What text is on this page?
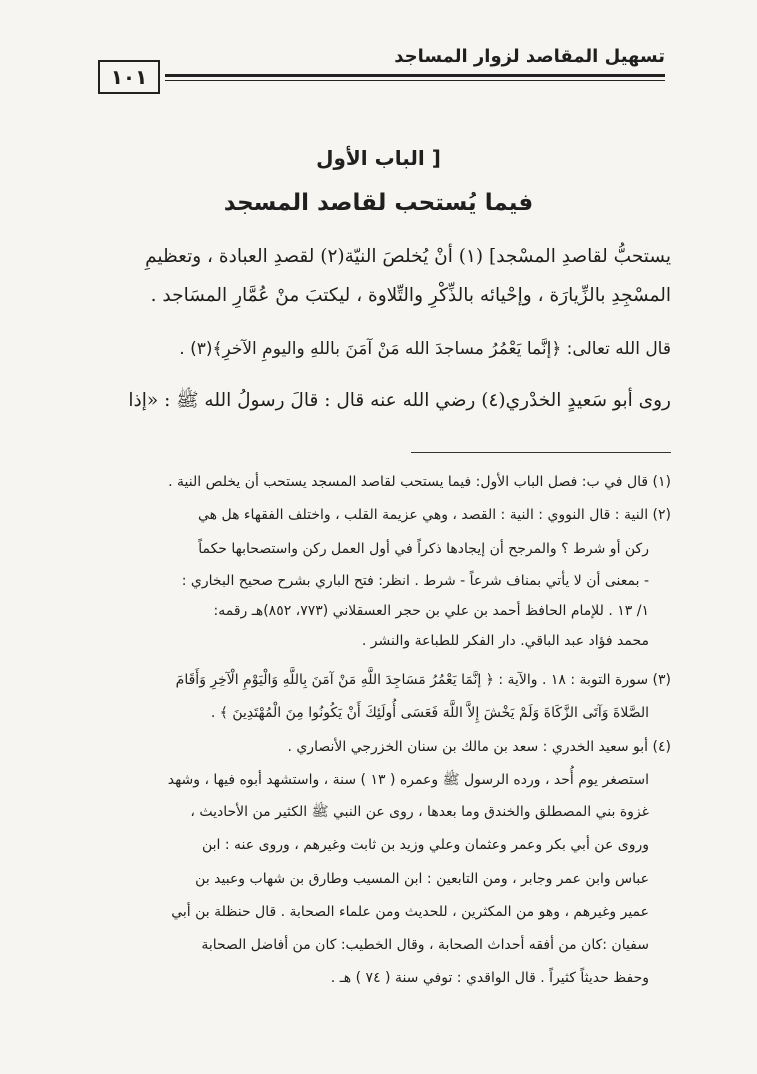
تسهيل المقاصد لزوار المساجد
١٠١
[ الباب الأول
فيما يُستحب لقاصد المسجد
يستحبُّ لقاصدِ المسْجد] (١) أنْ يُخلصَ النيّة(٢) لقصدِ العبادة ، وتعظيمِ
المسْجِدِ بالزِّيارَة ، وإحْيائه بالذِّكْرِ والتِّلاوة ، ليكتبَ منْ عُمَّارِ المسَاجد .
قال الله تعالى: ﴿إنَّما يَعْمُرُ مساجدَ الله مَنْ آمَنَ باللهِ واليومِ الآخرِ﴾(٣) .
روى أبو سَعيدٍ الخدْري(٤) رضي الله عنه قال : قالَ رسولُ الله ﷺ : «إذا
(١) قال في ب: فصل الباب الأول: فيما يستحب لقاصد المسجد يستحب أن يخلص النية .
(٢) النية : قال النووي : النية : القصد ، وهي عزيمة القلب ، واختلف الفقهاء هل هي
ركن أو شرط ؟ والمرجح أن إيجادها ذكراً في أول العمل ركن واستصحابها حكماً
- بمعنى أن لا يأتي بمناف شرعاً - شرط . انظر: فتح الباري بشرح صحيح البخاري :
١/ ١٣ . للإمام الحافظ أحمد بن علي بن حجر العسقلاني (٧٧٣، ٨٥٢)هـ رقمه:
محمد فؤاد عبد الباقي. دار الفكر للطباعة والنشر .
(٣) سورة التوبة : ١٨ . والآية : ﴿ إنَّمَا يَعْمُرُ مَسَاجِدَ اللَّهِ مَنْ آمَنَ بِاللَّهِ وَالْيَوْمِ الْآخِرِ وَأَقَامَ
الصَّلاةَ وَآتَى الزَّكَاةَ وَلَمْ يَخْشَ إِلاَّ اللَّهَ فَعَسَى أُولَئِكَ أَنْ يَكُونُوا مِنَ الْمُهْتَدِينَ ﴾ .
(٤) أبو سعيد الخدري : سعد بن مالك بن سنان الخزرجي الأنصاري .
استصغر يوم أُحد ، ورده الرسول ﷺ وعمره ( ١٣ ) سنة ، واستشهد أبوه فيها ، وشهد
غزوة بني المصطلق والخندق وما بعدها ، روى عن النبي ﷺ الكثير من الأحاديث ،
وروى عن أبي بكر وعمر وعثمان وعلي وزيد بن ثابت وغيرهم ، وروى عنه : ابن
عباس وابن عمر وجابر ، ومن التابعين : ابن المسيب وطارق بن شهاب وعبيد بن
عمير وغيرهم ، وهو من المكثرين ، للحديث ومن علماء الصحابة . قال حنظلة بن أبي
سفيان :كان من أفقه أحداث الصحابة ، وقال الخطيب: كان من أفاضل الصحابة
وحفظ حديثاً كثيراً . قال الواقدي : توفي سنة ( ٧٤ ) هـ .
